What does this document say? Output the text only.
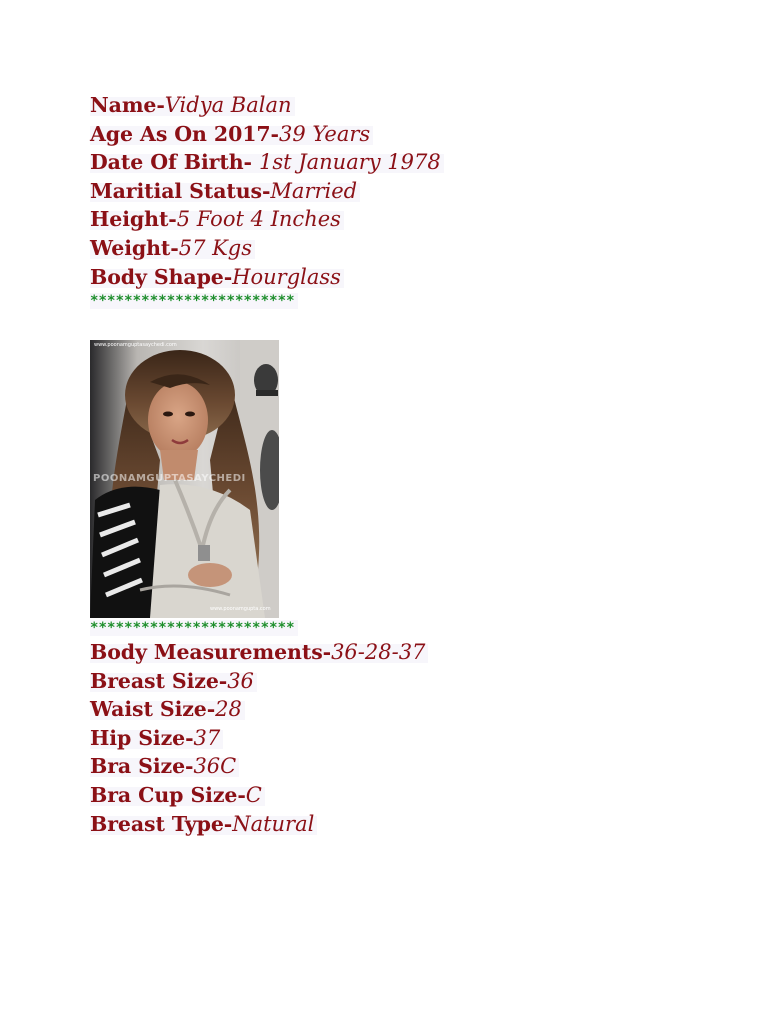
Name-Vidya Balan
Age As On 2017-39 Years
Date Of Birth- 1st January 1978
Maritial Status-Married
Height-5 Foot 4 Inches
Weight-57 Kgs
Body Shape-Hourglass
************************
www.poonamguptasaychedi.com
POONAMGUPTASAYCHEDI
www.poonamgupta.com
************************
Body Measurements-36-28-37
Breast Size-36
Waist Size-28
Hip Size-37
Bra Size-36C
Bra Cup Size-C
Breast Type-Natural
